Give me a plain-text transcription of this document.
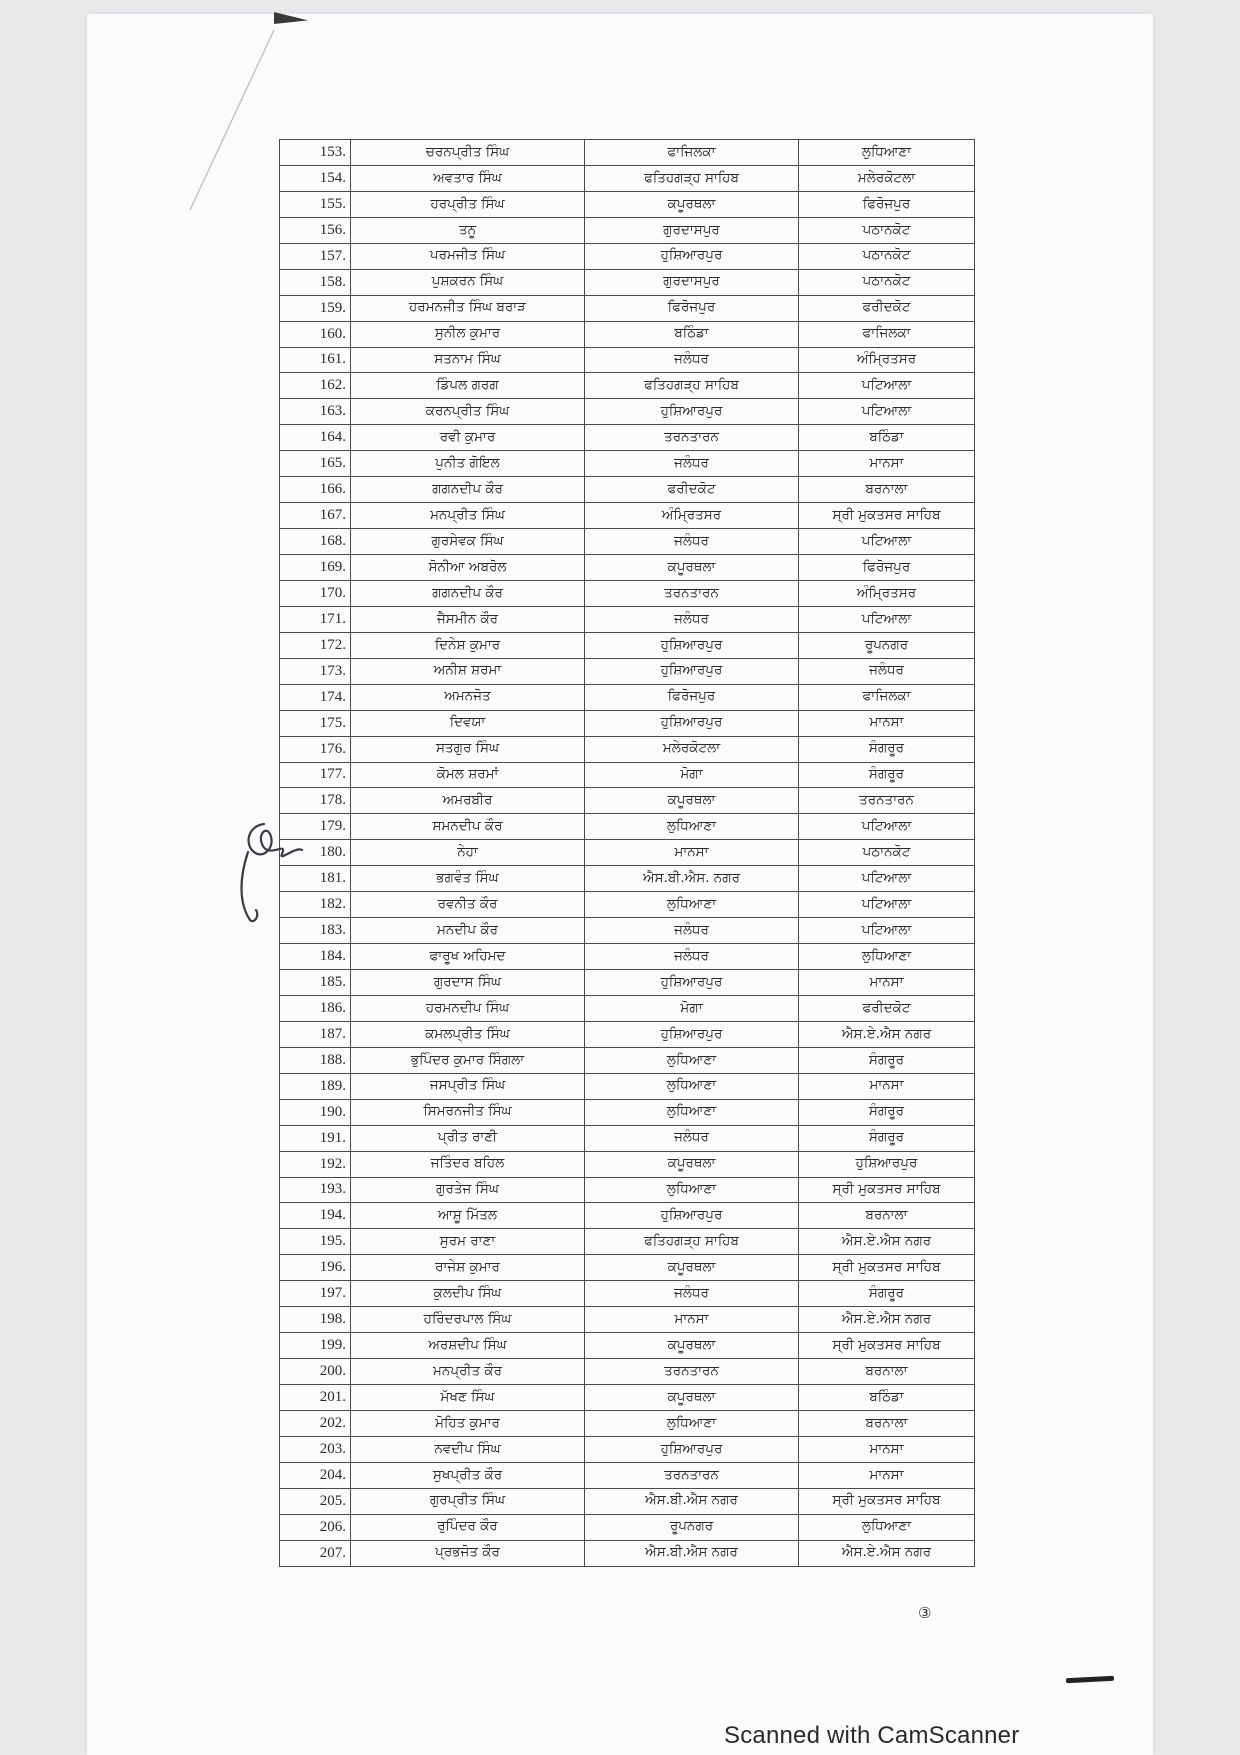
153.	ਚਰਨਪ੍ਰੀਤ ਸਿੰਘ	ਫਾਜਿਲਕਾ	ਲੁਧਿਆਣਾ
154.	ਅਵਤਾਰ ਸਿੰਘ	ਫਤਿਹਗੜ੍ਹ ਸਾਹਿਬ	ਮਲੇਰਕੋਟਲਾ
155.	ਹਰਪ੍ਰੀਤ ਸਿੰਘ	ਕਪੂਰਥਲਾ	ਫਿਰੋਜਪੁਰ
156.	ਤਨੂ	ਗੁਰਦਾਸਪੁਰ	ਪਠਾਨਕੋਟ
157.	ਪਰਮਜੀਤ ਸਿੰਘ	ਹੁਸ਼ਿਆਰਪੁਰ	ਪਠਾਨਕੋਟ
158.	ਪੁਸ਼ਕਰਨ ਸਿੰਘ	ਗੁਰਦਾਸਪੁਰ	ਪਠਾਨਕੋਟ
159.	ਹਰਮਨਜੀਤ ਸਿੰਘ ਬਰਾੜ	ਫਿਰੋਜਪੁਰ	ਫਰੀਦਕੋਟ
160.	ਸੁਨੀਲ ਕੁਮਾਰ	ਬਠਿੰਡਾ	ਫਾਜਿਲਕਾ
161.	ਸਤਨਾਮ ਸਿੰਘ	ਜਲੰਧਰ	ਅੰਮ੍ਰਿਤਸਰ
162.	ਡਿੰਪਲ ਗਰਗ	ਫਤਿਹਗੜ੍ਹ ਸਾਹਿਬ	ਪਟਿਆਲਾ
163.	ਕਰਨਪ੍ਰੀਤ ਸਿੰਘ	ਹੁਸ਼ਿਆਰਪੁਰ	ਪਟਿਆਲਾ
164.	ਰਵੀ ਕੁਮਾਰ	ਤਰਨਤਾਰਨ	ਬਠਿੰਡਾ
165.	ਪੁਨੀਤ ਗੋਇਲ	ਜਲੰਧਰ	ਮਾਨਸਾ
166.	ਗਗਨਦੀਪ ਕੌਰ	ਫਰੀਦਕੋਟ	ਬਰਨਾਲਾ
167.	ਮਨਪ੍ਰੀਤ ਸਿੰਘ	ਅੰਮ੍ਰਿਤਸਰ	ਸ੍ਰੀ ਮੁਕਤਸਰ ਸਾਹਿਬ
168.	ਗੁਰਸੇਵਕ ਸਿੰਘ	ਜਲੰਧਰ	ਪਟਿਆਲਾ
169.	ਸੋਨੀਆ ਅਬਰੋਲ	ਕਪੂਰਥਲਾ	ਫਿਰੋਜਪੁਰ
170.	ਗਗਨਦੀਪ ਕੌਰ	ਤਰਨਤਾਰਨ	ਅੰਮ੍ਰਿਤਸਰ
171.	ਜੈਸਮੀਨ ਕੌਰ	ਜਲੰਧਰ	ਪਟਿਆਲਾ
172.	ਦਿਨੇਸ਼ ਕੁਮਾਰ	ਹੁਸ਼ਿਆਰਪੁਰ	ਰੂਪਨਗਰ
173.	ਅਨੀਸ਼ ਸ਼ਰਮਾ	ਹੁਸ਼ਿਆਰਪੁਰ	ਜਲੰਧਰ
174.	ਅਮਨਜੋਤ	ਫਿਰੋਜਪੁਰ	ਫਾਜਿਲਕਾ
175.	ਦਿਵਯਾ	ਹੁਸ਼ਿਆਰਪੁਰ	ਮਾਨਸਾ
176.	ਸਤਗੁਰ ਸਿੰਘ	ਮਲੇਰਕੋਟਲਾ	ਸੰਗਰੂਰ
177.	ਕੋਮਲ ਸ਼ਰਮਾਂ	ਮੋਗਾ	ਸੰਗਰੂਰ
178.	ਅਮਰਬੀਰ	ਕਪੂਰਥਲਾ	ਤਰਨਤਾਰਨ
179.	ਸਮਨਦੀਪ ਕੌਰ	ਲੁਧਿਆਣਾ	ਪਟਿਆਲਾ
180.	ਨੇਹਾ	ਮਾਨਸਾ	ਪਠਾਨਕੋਟ
181.	ਭਗਵੰਤ ਸਿੰਘ	ਐਸ.ਬੀ.ਐਸ. ਨਗਰ	ਪਟਿਆਲਾ
182.	ਰਵਨੀਤ ਕੌਰ	ਲੁਧਿਆਣਾ	ਪਟਿਆਲਾ
183.	ਮਨਦੀਪ ਕੌਰ	ਜਲੰਧਰ	ਪਟਿਆਲਾ
184.	ਫਾਰੂਖ ਅਹਿਮਦ	ਜਲੰਧਰ	ਲੁਧਿਆਣਾ
185.	ਗੁਰਦਾਸ ਸਿੰਘ	ਹੁਸ਼ਿਆਰਪੁਰ	ਮਾਨਸਾ
186.	ਹਰਮਨਦੀਪ ਸਿੰਘ	ਮੋਗਾ	ਫਰੀਦਕੋਟ
187.	ਕਮਲਪ੍ਰੀਤ ਸਿੰਘ	ਹੁਸ਼ਿਆਰਪੁਰ	ਐਸ.ਏ.ਐਸ ਨਗਰ
188.	ਭੁਪਿੰਦਰ ਕੁਮਾਰ ਸਿੰਗਲਾ	ਲੁਧਿਆਣਾ	ਸੰਗਰੂਰ
189.	ਜਸਪ੍ਰੀਤ ਸਿੰਘ	ਲੁਧਿਆਣਾ	ਮਾਨਸਾ
190.	ਸਿਮਰਨਜੀਤ ਸਿੰਘ	ਲੁਧਿਆਣਾ	ਸੰਗਰੂਰ
191.	ਪ੍ਰੀਤ ਰਾਣੀ	ਜਲੰਧਰ	ਸੰਗਰੂਰ
192.	ਜਤਿੰਦਰ ਬਹਿਲ	ਕਪੂਰਥਲਾ	ਹੁਸ਼ਿਆਰਪੁਰ
193.	ਗੁਰਤੇਜ ਸਿੰਘ	ਲੁਧਿਆਣਾ	ਸ੍ਰੀ ਮੁਕਤਸਰ ਸਾਹਿਬ
194.	ਆਸ਼ੂ ਮਿੱਤਲ	ਹੁਸ਼ਿਆਰਪੁਰ	ਬਰਨਾਲਾ
195.	ਸੁਰਮ ਰਾਣਾ	ਫਤਿਹਗੜ੍ਹ ਸਾਹਿਬ	ਐਸ.ਏ.ਐਸ ਨਗਰ
196.	ਰਾਜੇਸ਼ ਕੁਮਾਰ	ਕਪੂਰਥਲਾ	ਸ੍ਰੀ ਮੁਕਤਸਰ ਸਾਹਿਬ
197.	ਕੁਲਦੀਪ ਸਿੰਘ	ਜਲੰਧਰ	ਸੰਗਰੂਰ
198.	ਹਰਿੰਦਰਪਾਲ ਸਿੰਘ	ਮਾਨਸਾ	ਐਸ.ਏ.ਐਸ ਨਗਰ
199.	ਅਰਸ਼ਦੀਪ ਸਿੰਘ	ਕਪੂਰਥਲਾ	ਸ੍ਰੀ ਮੁਕਤਸਰ ਸਾਹਿਬ
200.	ਮਨਪ੍ਰੀਤ ਕੌਰ	ਤਰਨਤਾਰਨ	ਬਰਨਾਲਾ
201.	ਮੱਖਣ ਸਿੰਘ	ਕਪੂਰਥਲਾ	ਬਠਿੰਡਾ
202.	ਮੋਹਿਤ ਕੁਮਾਰ	ਲੁਧਿਆਣਾ	ਬਰਨਾਲਾ
203.	ਨਵਦੀਪ ਸਿੰਘ	ਹੁਸ਼ਿਆਰਪੁਰ	ਮਾਨਸਾ
204.	ਸੁਖਪ੍ਰੀਤ ਕੌਰ	ਤਰਨਤਾਰਨ	ਮਾਨਸਾ
205.	ਗੁਰਪ੍ਰੀਤ ਸਿੰਘ	ਐਸ.ਬੀ.ਐਸ ਨਗਰ	ਸ੍ਰੀ ਮੁਕਤਸਰ ਸਾਹਿਬ
206.	ਰੁਪਿੰਦਰ ਕੌਰ	ਰੂਪਨਗਰ	ਲੁਧਿਆਣਾ
207.	ਪ੍ਰਭਜੋਤ ਕੌਰ	ਐਸ.ਬੀ.ਐਸ ਨਗਰ	ਐਸ.ਏ.ਐਸ ਨਗਰ
③
Scanned with CamScanner
